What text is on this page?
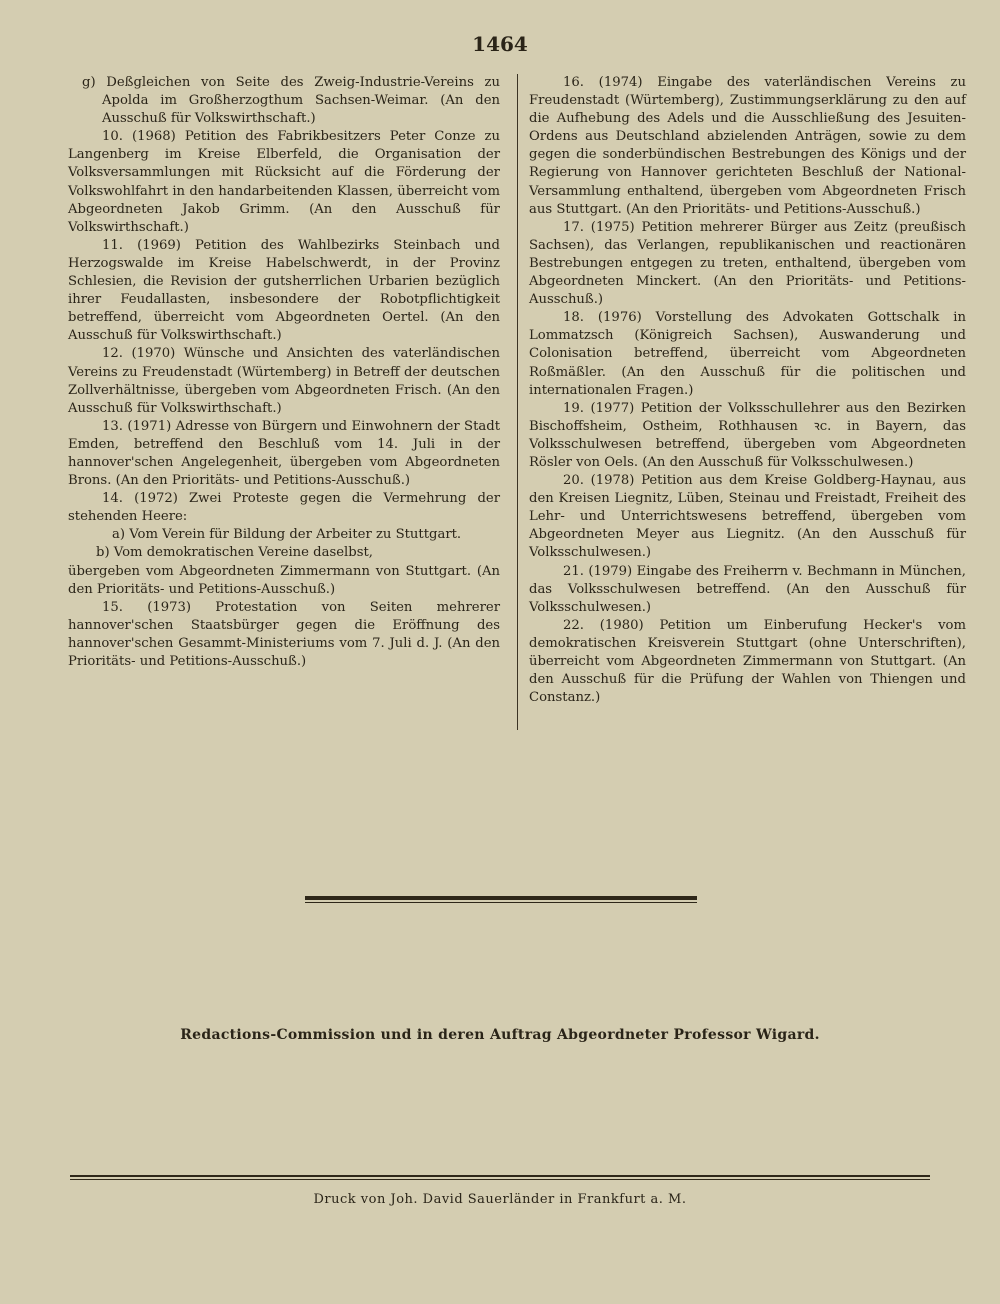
1464

g) Deßgleichen von Seite des Zweig-Industrie-Vereins zu Apolda im Großherzogthum Sachsen-Weimar. (An den Ausschuß für Volkswirthschaft.)

10. (1968) Petition des Fabrikbesitzers Peter Conze zu Langenberg im Kreise Elberfeld, die Organisation der Volksversammlungen mit Rücksicht auf die Förderung der Volkswohlfahrt in den handarbeitenden Klassen, überreicht vom Abgeordneten Jakob Grimm. (An den Ausschuß für Volkswirthschaft.)

11. (1969) Petition des Wahlbezirks Steinbach und Herzogswalde im Kreise Habelschwerdt, in der Provinz Schlesien, die Revision der gutsherrlichen Urbarien bezüglich ihrer Feudallasten, insbesondere der Robotpflichtigkeit betreffend, überreicht vom Abgeordneten Oertel. (An den Ausschuß für Volkswirthschaft.)

12. (1970) Wünsche und Ansichten des vaterländischen Vereins zu Freudenstadt (Würtemberg) in Betreff der deutschen Zollverhältnisse, übergeben vom Abgeordneten Frisch. (An den Ausschuß für Volkswirthschaft.)

13. (1971) Adresse von Bürgern und Einwohnern der Stadt Emden, betreffend den Beschluß vom 14. Juli in der hannover'schen Angelegenheit, übergeben vom Abgeordneten Brons. (An den Prioritäts- und Petitions-Ausschuß.)

14. (1972) Zwei Proteste gegen die Vermehrung der stehenden Heere:

a) Vom Verein für Bildung der Arbeiter zu Stuttgart.

b) Vom demokratischen Vereine daselbst,

übergeben vom Abgeordneten Zimmermann von Stuttgart. (An den Prioritäts- und Petitions-Ausschuß.)

15. (1973) Protestation von Seiten mehrerer hannover'schen Staatsbürger gegen die Eröffnung des hannover'schen Gesammt-Ministeriums vom 7. Juli d. J. (An den Prioritäts- und Petitions-Ausschuß.)

16. (1974) Eingabe des vaterländischen Vereins zu Freudenstadt (Würtemberg), Zustimmungserklärung zu den auf die Aufhebung des Adels und die Ausschließung des Jesuiten-Ordens aus Deutschland abzielenden Anträgen, sowie zu dem gegen die sonderbündischen Bestrebungen des Königs und der Regierung von Hannover gerichteten Beschluß der National-Versammlung enthaltend, übergeben vom Abgeordneten Frisch aus Stuttgart. (An den Prioritäts- und Petitions-Ausschuß.)

17. (1975) Petition mehrerer Bürger aus Zeitz (preußisch Sachsen), das Verlangen, republikanischen und reactionären Bestrebungen entgegen zu treten, enthaltend, übergeben vom Abgeordneten Minckert. (An den Prioritäts- und Petitions-Ausschuß.)

18. (1976) Vorstellung des Advokaten Gottschalk in Lommatzsch (Königreich Sachsen), Auswanderung und Colonisation betreffend, überreicht vom Abgeordneten Roßmäßler. (An den Ausschuß für die politischen und internationalen Fragen.)

19. (1977) Petition der Volksschullehrer aus den Bezirken Bischoffsheim, Ostheim, Rothhausen ꝛc. in Bayern, das Volksschulwesen betreffend, übergeben vom Abgeordneten Rösler von Oels. (An den Ausschuß für Volksschulwesen.)

20. (1978) Petition aus dem Kreise Goldberg-Haynau, aus den Kreisen Liegnitz, Lüben, Steinau und Freistadt, Freiheit des Lehr- und Unterrichtswesens betreffend, übergeben vom Abgeordneten Meyer aus Liegnitz. (An den Ausschuß für Volksschulwesen.)

21. (1979) Eingabe des Freiherrn v. Bechmann in München, das Volksschulwesen betreffend. (An den Ausschuß für Volksschulwesen.)

22. (1980) Petition um Einberufung Hecker's vom demokratischen Kreisverein Stuttgart (ohne Unterschriften), überreicht vom Abgeordneten Zimmermann von Stuttgart. (An den Ausschuß für die Prüfung der Wahlen von Thiengen und Constanz.)

Redactions-Commission und in deren Auftrag Abgeordneter Professor Wigard.
Druck von Joh. David Sauerländer in Frankfurt a. M.
